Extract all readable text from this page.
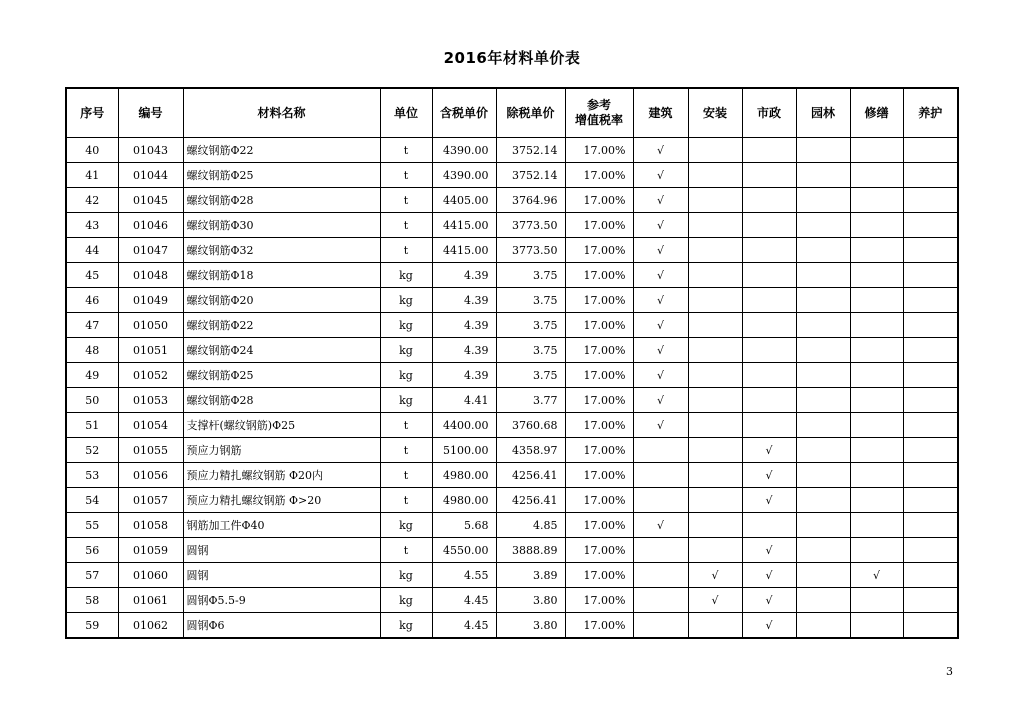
2016年材料单价表
序号	编号	材料名称	单位	含税单价	除税单价	参考
增值税率	建筑	安装	市政	园林	修缮	养护
40	01043	螺纹钢筋Φ22	t	4390.00	3752.14	17.00%	√					
41	01044	螺纹钢筋Φ25	t	4390.00	3752.14	17.00%	√					
42	01045	螺纹钢筋Φ28	t	4405.00	3764.96	17.00%	√					
43	01046	螺纹钢筋Φ30	t	4415.00	3773.50	17.00%	√					
44	01047	螺纹钢筋Φ32	t	4415.00	3773.50	17.00%	√					
45	01048	螺纹钢筋Φ18	kg	4.39	3.75	17.00%	√					
46	01049	螺纹钢筋Φ20	kg	4.39	3.75	17.00%	√					
47	01050	螺纹钢筋Φ22	kg	4.39	3.75	17.00%	√					
48	01051	螺纹钢筋Φ24	kg	4.39	3.75	17.00%	√					
49	01052	螺纹钢筋Φ25	kg	4.39	3.75	17.00%	√					
50	01053	螺纹钢筋Φ28	kg	4.41	3.77	17.00%	√					
51	01054	支撑杆(螺纹钢筋)Φ25	t	4400.00	3760.68	17.00%	√					
52	01055	预应力钢筋	t	5100.00	4358.97	17.00%			√			
53	01056	预应力精扎螺纹钢筋 Φ20内	t	4980.00	4256.41	17.00%			√			
54	01057	预应力精扎螺纹钢筋 Φ>20	t	4980.00	4256.41	17.00%			√			
55	01058	钢筋加工件Φ40	kg	5.68	4.85	17.00%	√					
56	01059	圆钢	t	4550.00	3888.89	17.00%			√			
57	01060	圆钢	kg	4.55	3.89	17.00%		√	√		√	
58	01061	圆钢Φ5.5-9	kg	4.45	3.80	17.00%		√	√			
59	01062	圆钢Φ6	kg	4.45	3.80	17.00%			√			
3
